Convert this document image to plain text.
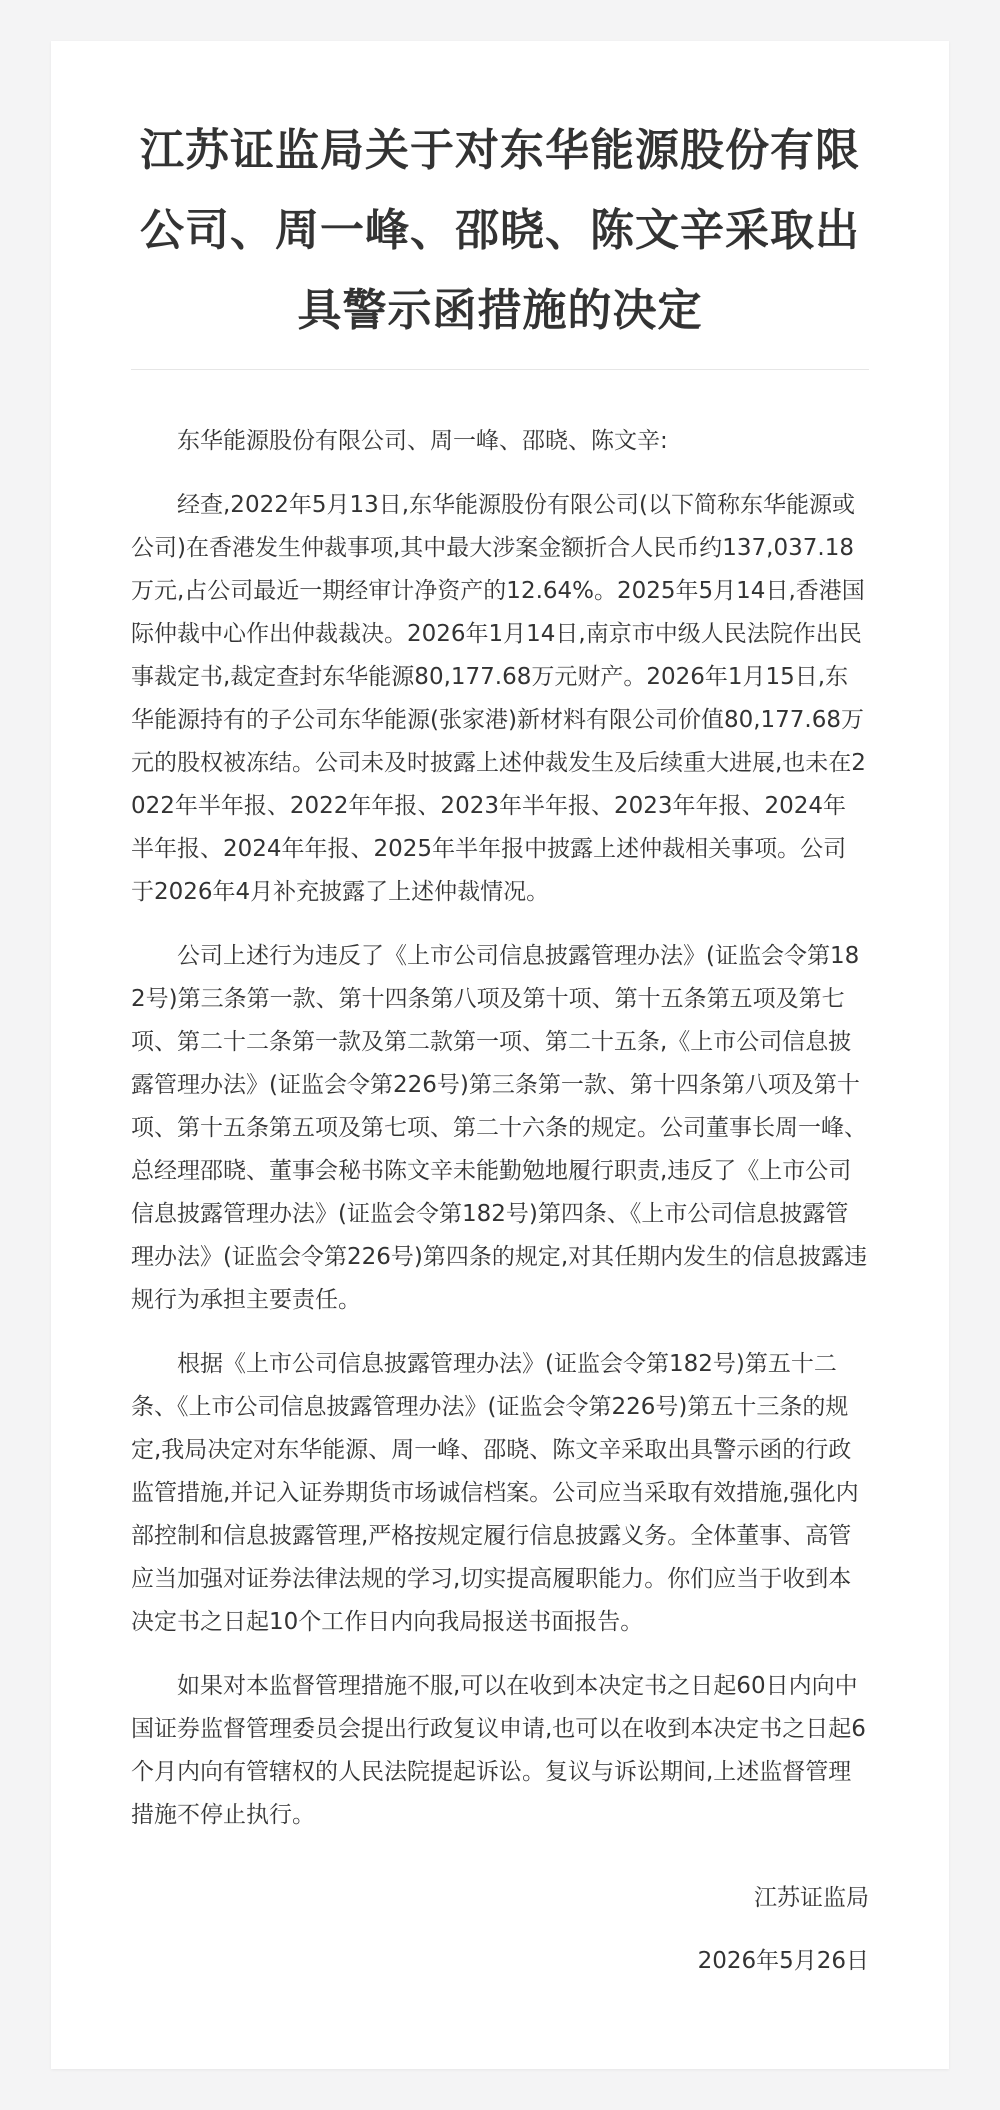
江苏证监局关于对东华能源股份有限公司、周一峰、邵晓、陈文辛采取出具警示函措施的决定

东华能源股份有限公司、周一峰、邵晓、陈文辛:

经查,2022年5月13日,东华能源股份有限公司(以下简称东华能源或公司)在香港发生仲裁事项,其中最大涉案金额折合人民币约137,037.18万元,占公司最近一期经审计净资产的12.64%。2025年5月14日,香港国际仲裁中心作出仲裁裁决。2026年1月14日,南京市中级人民法院作出民事裁定书,裁定查封东华能源80,177.68万元财产。2026年1月15日,东华能源持有的子公司东华能源(张家港)新材料有限公司价值80,177.68万元的股权被冻结。公司未及时披露上述仲裁发生及后续重大进展,也未在2022年半年报、2022年年报、2023年半年报、2023年年报、2024年半年报、2024年年报、2025年半年报中披露上述仲裁相关事项。公司于2026年4月补充披露了上述仲裁情况。

公司上述行为违反了《上市公司信息披露管理办法》(证监会令第182号)第三条第一款、第十四条第八项及第十项、第十五条第五项及第七项、第二十二条第一款及第二款第一项、第二十五条,《上市公司信息披露管理办法》(证监会令第226号)第三条第一款、第十四条第八项及第十项、第十五条第五项及第七项、第二十六条的规定。公司董事长周一峰、总经理邵晓、董事会秘书陈文辛未能勤勉地履行职责,违反了《上市公司信息披露管理办法》(证监会令第182号)第四条、《上市公司信息披露管理办法》(证监会令第226号)第四条的规定,对其任期内发生的信息披露违规行为承担主要责任。

根据《上市公司信息披露管理办法》(证监会令第182号)第五十二条、《上市公司信息披露管理办法》(证监会令第226号)第五十三条的规定,我局决定对东华能源、周一峰、邵晓、陈文辛采取出具警示函的行政监管措施,并记入证券期货市场诚信档案。公司应当采取有效措施,强化内部控制和信息披露管理,严格按规定履行信息披露义务。全体董事、高管应当加强对证券法律法规的学习,切实提高履职能力。你们应当于收到本决定书之日起10个工作日内向我局报送书面报告。

如果对本监督管理措施不服,可以在收到本决定书之日起60日内向中国证券监督管理委员会提出行政复议申请,也可以在收到本决定书之日起6个月内向有管辖权的人民法院提起诉讼。复议与诉讼期间,上述监督管理措施不停止执行。

江苏证监局
2026年5月26日
